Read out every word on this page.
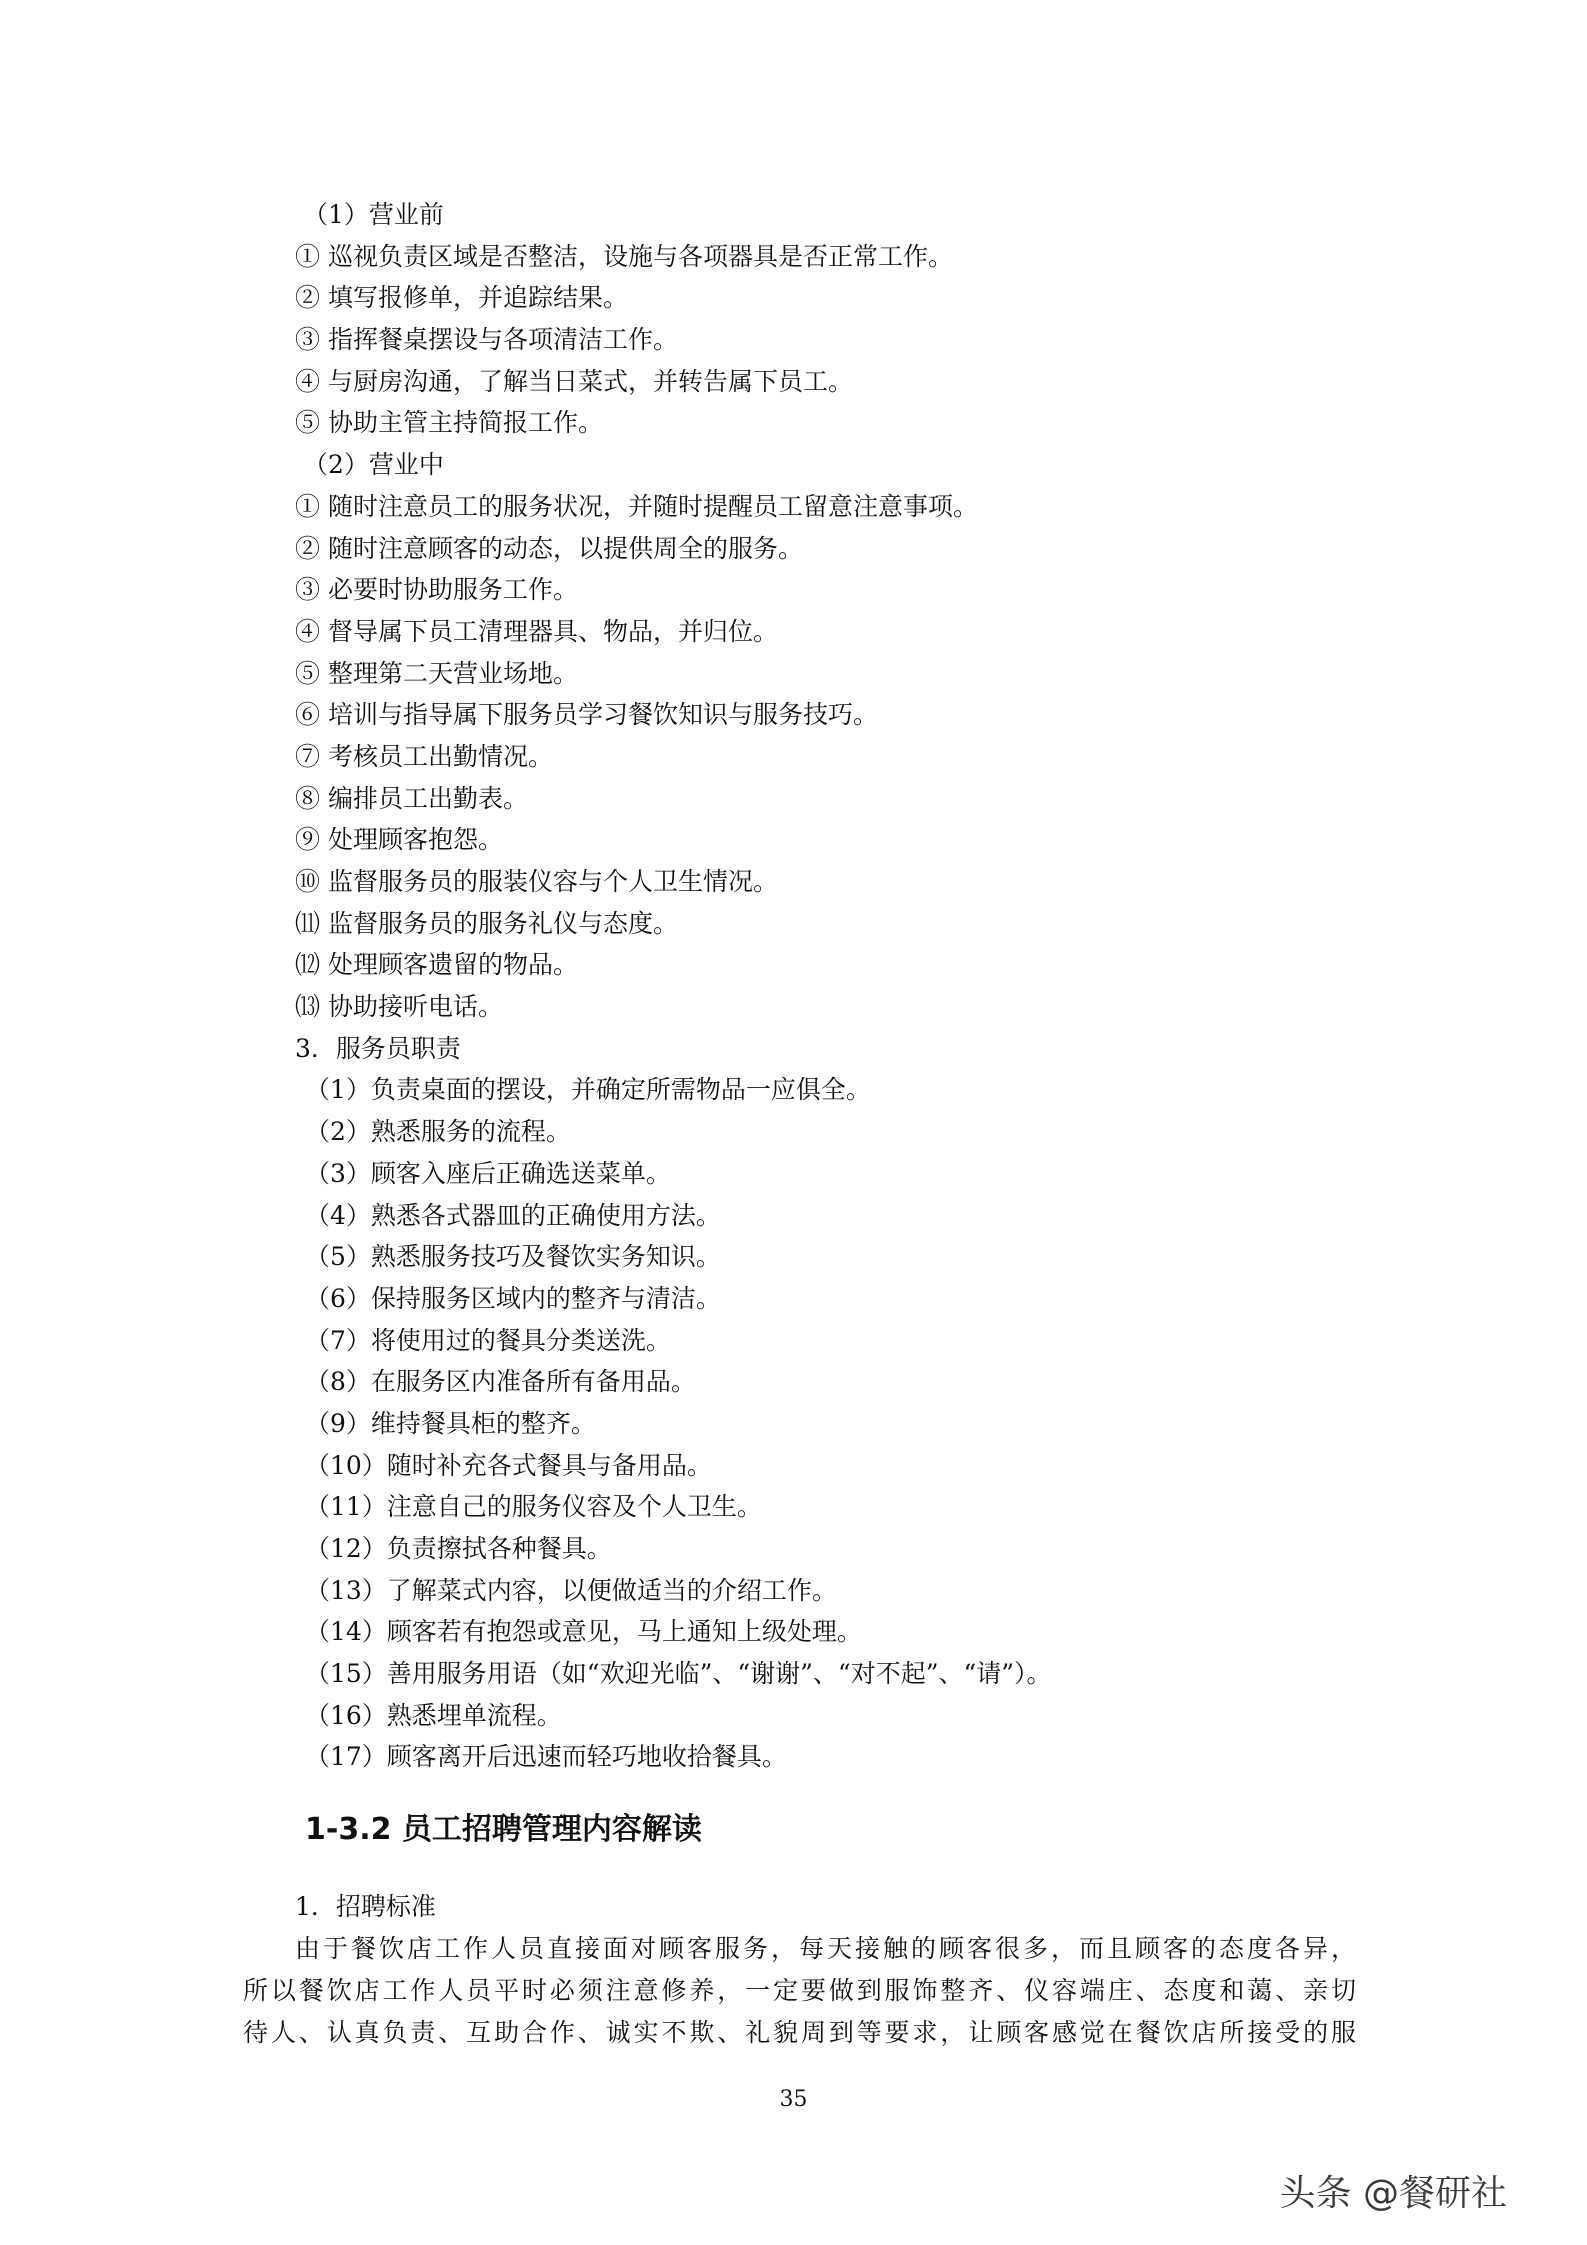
（1）营业前
① 巡视负责区域是否整洁，设施与各项器具是否正常工作。
② 填写报修单，并追踪结果。
③ 指挥餐桌摆设与各项清洁工作。
④ 与厨房沟通，了解当日菜式，并转告属下员工。
⑤ 协助主管主持简报工作。
（2）营业中
① 随时注意员工的服务状况，并随时提醒员工留意注意事项。
② 随时注意顾客的动态，以提供周全的服务。
③ 必要时协助服务工作。
④ 督导属下员工清理器具、物品，并归位。
⑤ 整理第二天营业场地。
⑥ 培训与指导属下服务员学习餐饮知识与服务技巧。
⑦ 考核员工出勤情况。
⑧ 编排员工出勤表。
⑨ 处理顾客抱怨。
⑩ 监督服务员的服装仪容与个人卫生情况。
⑾ 监督服务员的服务礼仪与态度。
⑿ 处理顾客遗留的物品。
⒀ 协助接听电话。
3．服务员职责
（1）负责桌面的摆设，并确定所需物品一应俱全。
（2）熟悉服务的流程。
（3）顾客入座后正确选送菜单。
（4）熟悉各式器皿的正确使用方法。
（5）熟悉服务技巧及餐饮实务知识。
（6）保持服务区域内的整齐与清洁。
（7）将使用过的餐具分类送洗。
（8）在服务区内准备所有备用品。
（9）维持餐具柜的整齐。
（10）随时补充各式餐具与备用品。
（11）注意自己的服务仪容及个人卫生。
（12）负责擦拭各种餐具。
（13）了解菜式内容，以便做适当的介绍工作。
（14）顾客若有抱怨或意见，马上通知上级处理。
（15）善用服务用语（如“欢迎光临”、“谢谢”、“对不起”、“请”）。
（16）熟悉埋单流程。
（17）顾客离开后迅速而轻巧地收拾餐具。
1-3.2 员工招聘管理内容解读
1．招聘标准
由于餐饮店工作人员直接面对顾客服务，每天接触的顾客很多，而且顾客的态度各异，
所以餐饮店工作人员平时必须注意修养，一定要做到服饰整齐、仪容端庄、态度和蔼、亲切
待人、认真负责、互助合作、诚实不欺、礼貌周到等要求，让顾客感觉在餐饮店所接受的服
35
头条 @餐研社
